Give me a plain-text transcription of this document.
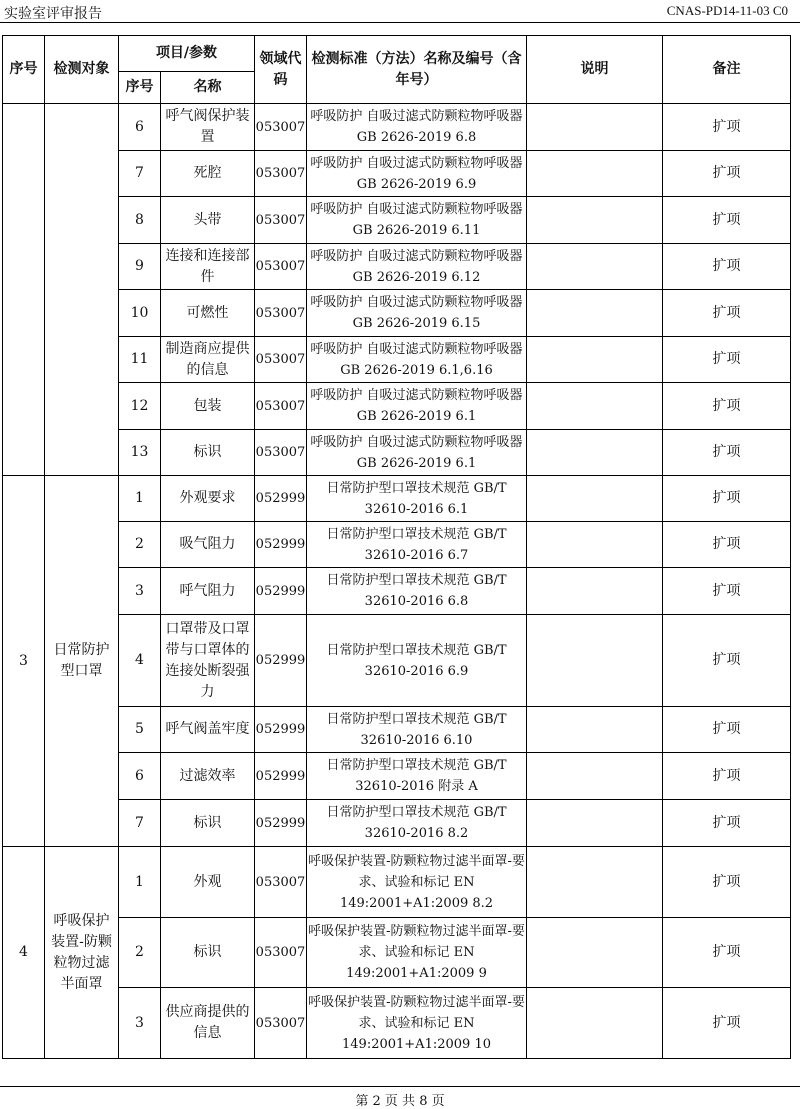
实验室评审报告	CNAS-PD14-11-03 C0
序号	检测对象	项目/参数		领域代码	检测标准（方法）名称及编号（含年号）	说明	备注
		序号	名称				
		6	呼气阀保护装置	053007	呼吸防护 自吸过滤式防颗粒物呼吸器 GB 2626-2019 6.8		扩项
		7	死腔	053007	呼吸防护 自吸过滤式防颗粒物呼吸器 GB 2626-2019 6.9		扩项
		8	头带	053007	呼吸防护 自吸过滤式防颗粒物呼吸器 GB 2626-2019 6.11		扩项
		9	连接和连接部件	053007	呼吸防护 自吸过滤式防颗粒物呼吸器 GB 2626-2019 6.12		扩项
		10	可燃性	053007	呼吸防护 自吸过滤式防颗粒物呼吸器 GB 2626-2019 6.15		扩项
		11	制造商应提供的信息	053007	呼吸防护 自吸过滤式防颗粒物呼吸器 GB 2626-2019 6.1,6.16		扩项
		12	包装	053007	呼吸防护 自吸过滤式防颗粒物呼吸器 GB 2626-2019 6.1		扩项
		13	标识	053007	呼吸防护 自吸过滤式防颗粒物呼吸器 GB 2626-2019 6.1		扩项
3	日常防护型口罩	1	外观要求	052999	日常防护型口罩技术规范 GB/T 32610-2016 6.1		扩项
		2	吸气阻力	052999	日常防护型口罩技术规范 GB/T 32610-2016 6.7		扩项
		3	呼气阻力	052999	日常防护型口罩技术规范 GB/T 32610-2016 6.8		扩项
		4	口罩带及口罩带与口罩体的连接处断裂强力	052999	日常防护型口罩技术规范 GB/T 32610-2016 6.9		扩项
		5	呼气阀盖牢度	052999	日常防护型口罩技术规范 GB/T 32610-2016 6.10		扩项
		6	过滤效率	052999	日常防护型口罩技术规范 GB/T 32610-2016 附录 A		扩项
		7	标识	052999	日常防护型口罩技术规范 GB/T 32610-2016 8.2		扩项
4	呼吸保护装置-防颗粒物过滤半面罩	1	外观	053007	呼吸保护装置-防颗粒物过滤半面罩-要求、试验和标记 EN 149:2001+A1:2009 8.2		扩项
		2	标识	053007	呼吸保护装置-防颗粒物过滤半面罩-要求、试验和标记 EN 149:2001+A1:2009 9		扩项
		3	供应商提供的信息	053007	呼吸保护装置-防颗粒物过滤半面罩-要求、试验和标记 EN 149:2001+A1:2009 10		扩项
第 2 页 共 8 页
